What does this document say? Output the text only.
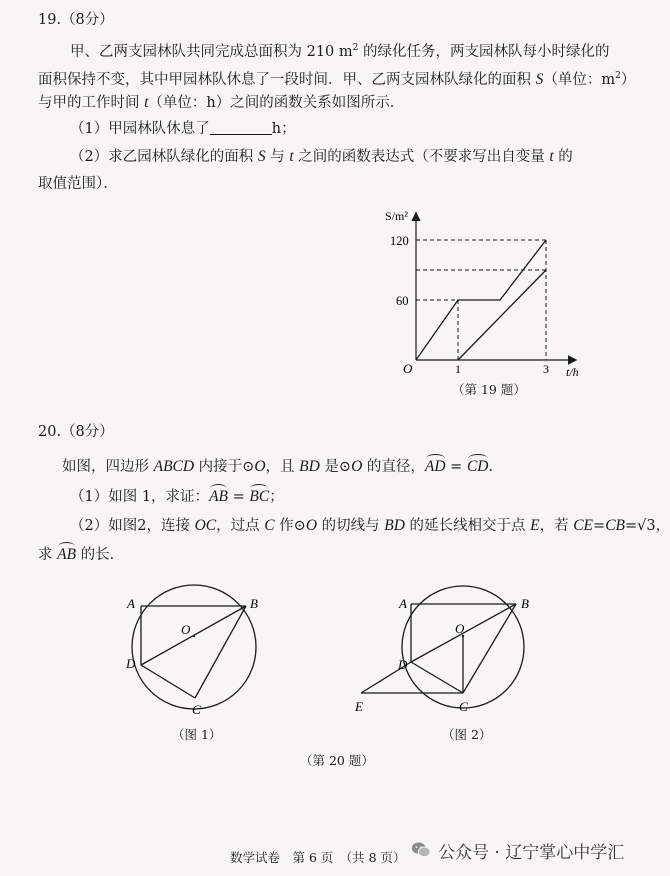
19.（8分）
甲、乙两支园林队共同完成总面积为 210 $m^2$ 的绿化任务，两支园林队每小时绿化的
面积保持不变，其中甲园林队休息了一段时间．甲、乙两支园林队绿化的面积 S（单位：$m^2$）
与甲的工作时间 t（单位：h）之间的函数关系如图所示．
（1）甲园林队休息了	h；
（2）求乙园林队绿化的面积 S 与 t 之间的函数表达式（不要求写出自变量 t 的
取值范围）．
S/m²
t/h
O
120
60
1	3
（第 19 题）
20.（8分）
如图，四边形 ABCD 内接于⊙O，且 BD 是⊙O 的直径，AD = CD．
（1）如图 1，求证：AB = BC；
（2）如图2，连接 OC，过点 C 作⊙O 的切线与 BD 的延长线相交于点 E，若 CE=CB=√3，
求 AB 的长．
A	B
O
D
C
（图 1）
A	B
O
D
C
E
（图 2）
（第 20 题）
数学试卷　第 6 页　（共 8 页） 公众号 · 辽宁掌心中学汇
